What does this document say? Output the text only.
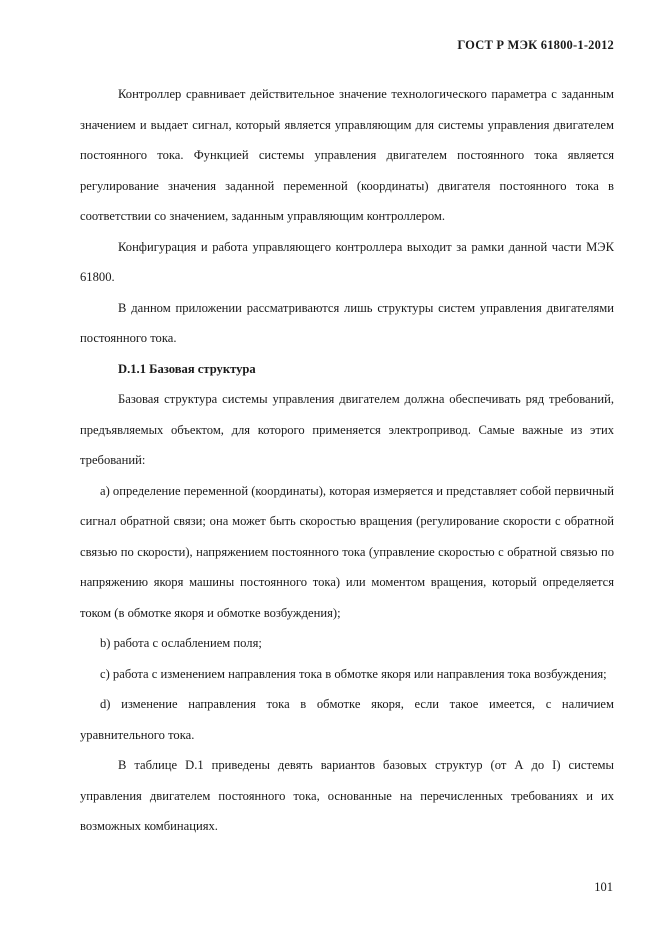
ГОСТ Р МЭК 61800-1-2012

Контроллер сравнивает действительное значение технологического параметра с заданным значением и выдает сигнал, который является управляющим для системы управления двигателем постоянного тока. Функцией системы управления двигателем постоянного тока является регулирование значения заданной переменной (координаты) двигателя постоянного тока в соответствии со значением, заданным управляющим контроллером.

Конфигурация и работа управляющего контроллера выходит за рамки данной части МЭК 61800.

В данном приложении рассматриваются лишь структуры систем управления двигателями постоянного тока.

D.1.1 Базовая структура

Базовая структура системы управления двигателем должна обеспечивать ряд требований, предъявляемых объектом, для которого применяется электропривод. Самые важные из этих требований:

a) определение переменной (координаты), которая измеряется и представляет собой первичный сигнал обратной связи; она может быть скоростью вращения (регулирование скорости с обратной связью по скорости), напряжением постоянного тока (управление скоростью с обратной связью по напряжению якоря машины постоянного тока) или моментом вращения, который определяется током (в обмотке якоря и обмотке возбуждения);

b) работа с ослаблением поля;

c) работа с изменением направления тока в обмотке якоря или направления тока возбуждения;

d) изменение направления тока в обмотке якоря, если такое имеется, с наличием уравнительного тока.

В таблице D.1 приведены девять вариантов базовых структур (от А до I) системы управления двигателем постоянного тока, основанные на перечисленных требованиях и их возможных комбинациях.

101
